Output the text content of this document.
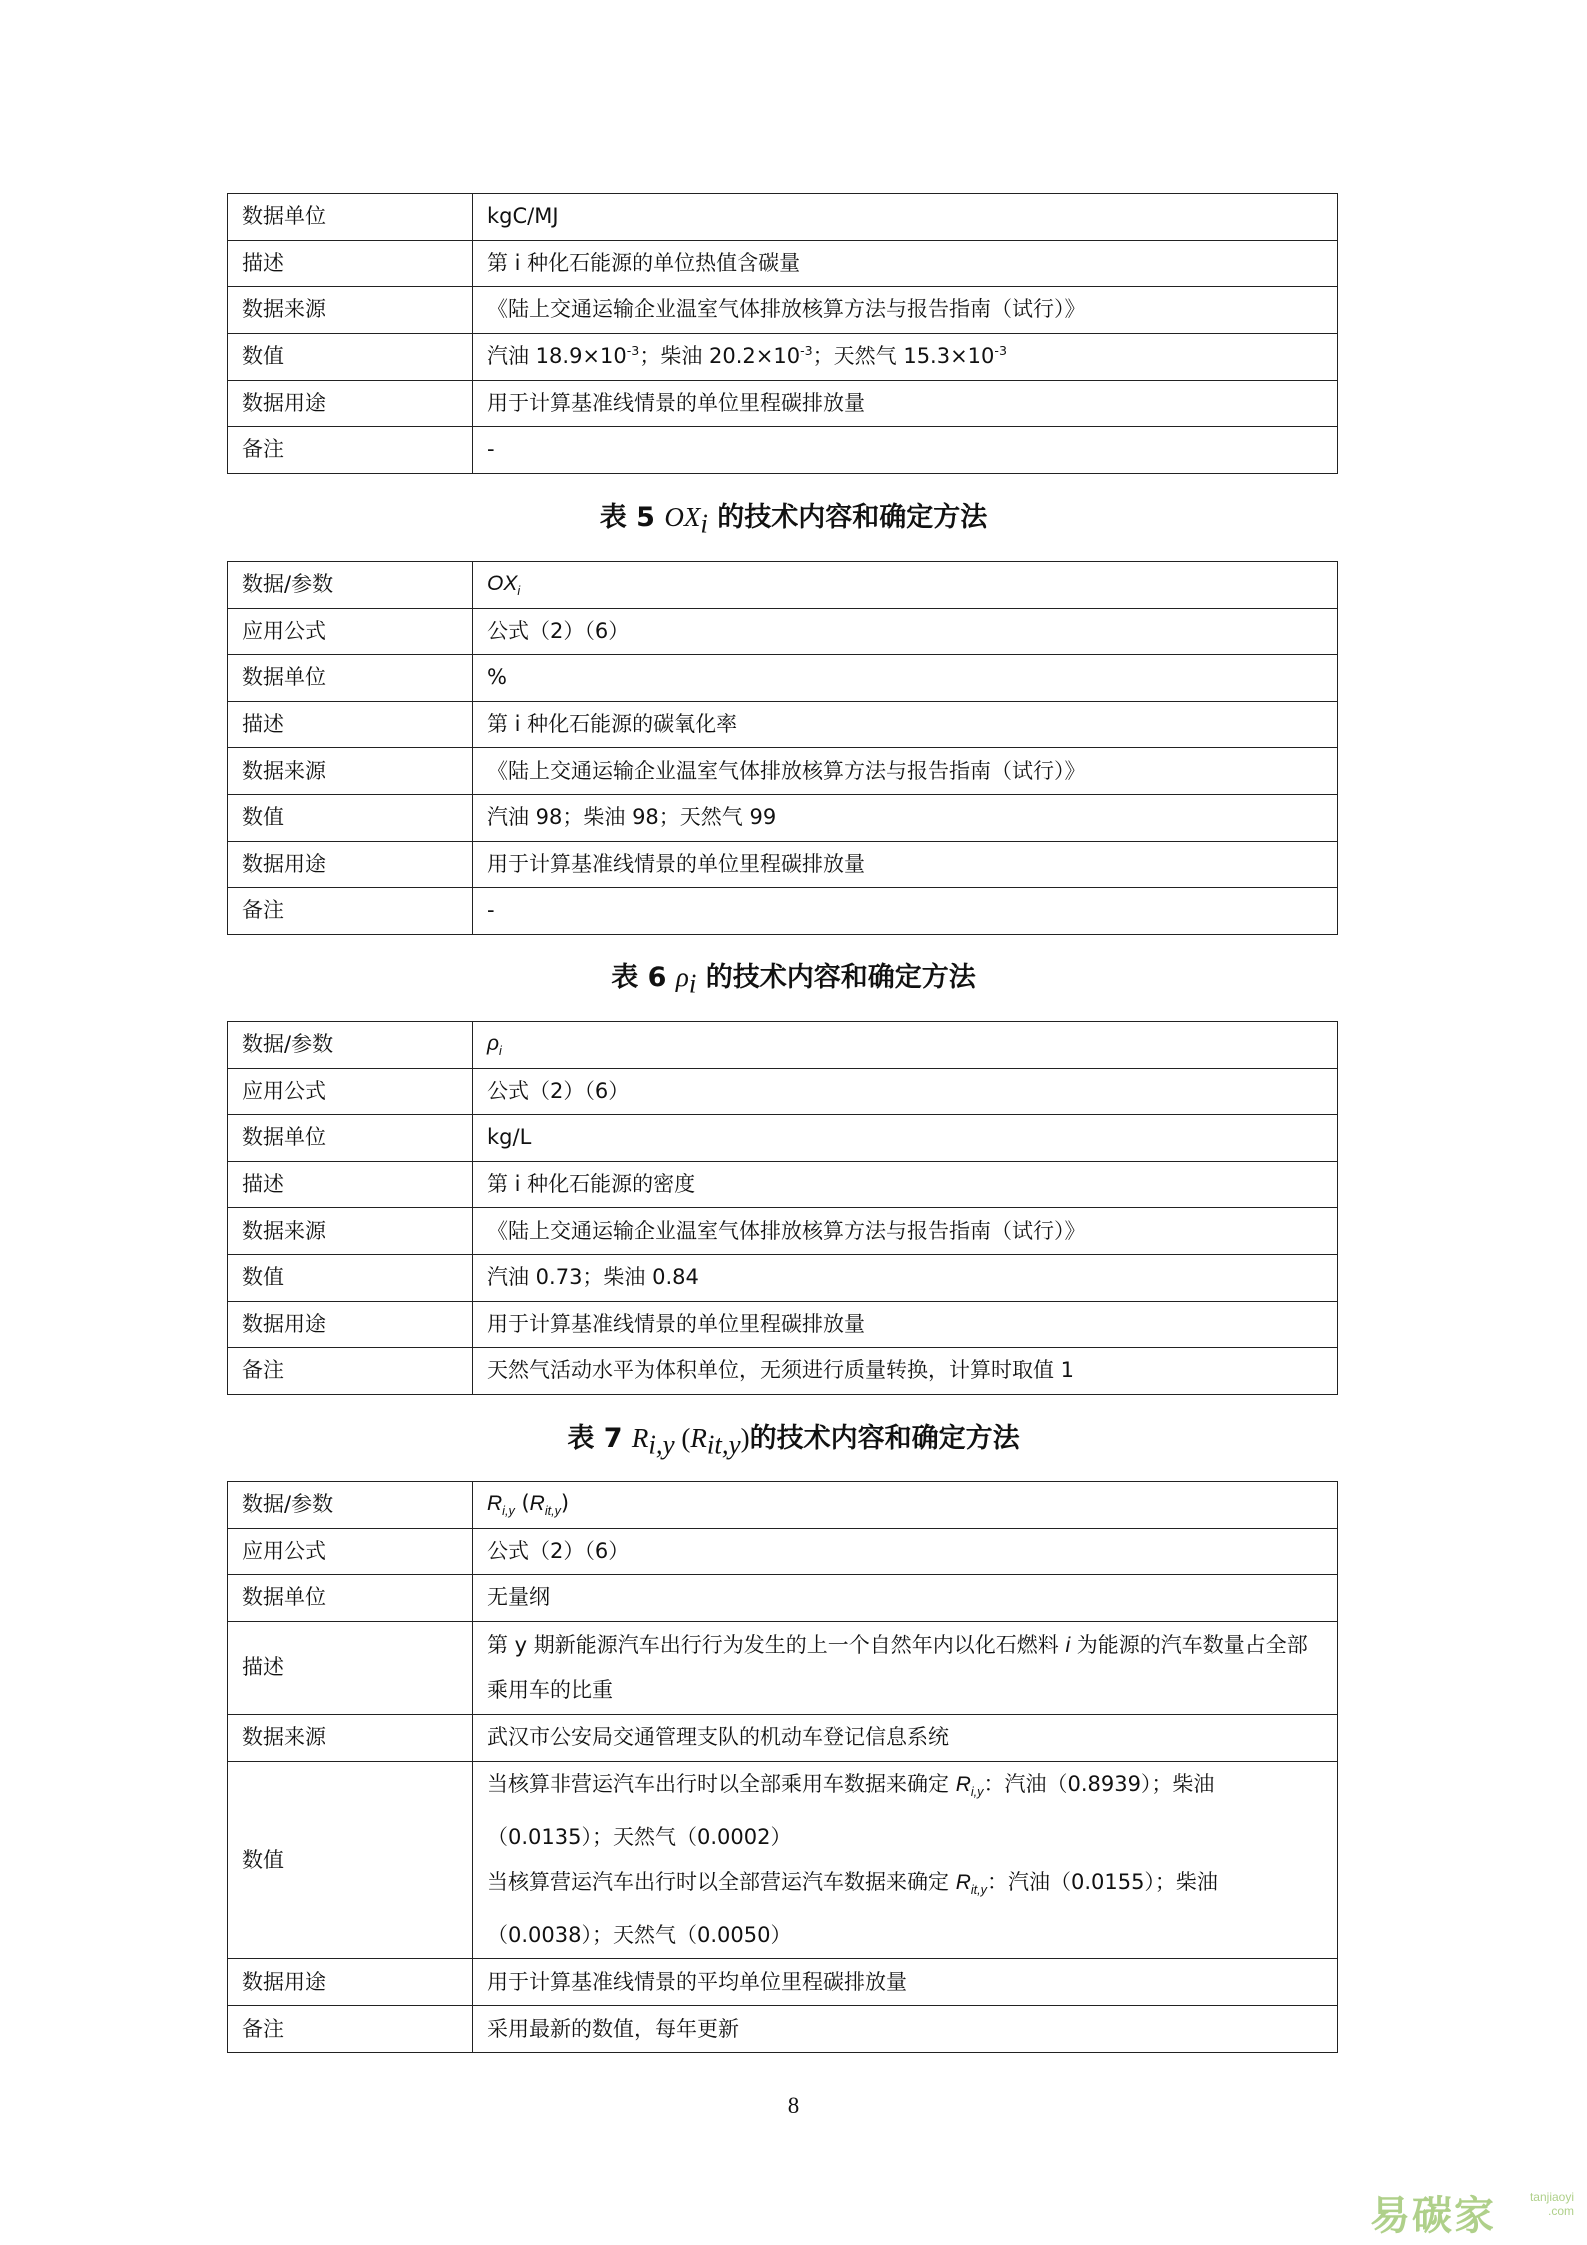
数据单位	kgC/MJ
描述	第 i 种化石能源的单位热值含碳量
数据来源	《陆上交通运输企业温室气体排放核算方法与报告指南（试行）》
数值	汽油 $18.9\times 10^{-3}$；柴油 $20.2\times 10^{-3}$；天然气 $15.3\times 10^{-3}$
数据用途	用于计算基准线情景的单位里程碳排放量
备注	-
表 5 $OX_i$ 的技术内容和确定方法
数据/参数	$OX_i$
应用公式	公式（2）（6）
数据单位	%
描述	第 i 种化石能源的碳氧化率
数据来源	《陆上交通运输企业温室气体排放核算方法与报告指南（试行）》
数值	汽油 98；柴油 98；天然气 99
数据用途	用于计算基准线情景的单位里程碳排放量
备注	-
表 6 $\rho_i$ 的技术内容和确定方法
数据/参数	$\rho_i$
应用公式	公式（2）（6）
数据单位	kg/L
描述	第 i 种化石能源的密度
数据来源	《陆上交通运输企业温室气体排放核算方法与报告指南（试行）》
数值	汽油 0.73；柴油 0.84
数据用途	用于计算基准线情景的单位里程碳排放量
备注	天然气活动水平为体积单位，无须进行质量转换，计算时取值 1
表 7 $R_{i,y}$ $(R_{it,y})$的技术内容和确定方法
数据/参数	$R_{i,y}$ $(R_{it,y})$
应用公式	公式（2）（6）
数据单位	无量纲
描述	第 y 期新能源汽车出行行为发生的上一个自然年内以化石燃料 i 为能源的汽车数量占全部乘用车的比重
数据来源	武汉市公安局交通管理支队的机动车登记信息系统
数值	当核算非营运汽车出行时以全部乘用车数据来确定 $R_{i,y}$：汽油（0.8939）；柴油（0.0135）；天然气（0.0002）
当核算营运汽车出行时以全部营运汽车数据来确定 $R_{it,y}$：汽油（0.0155）；柴油（0.0038）；天然气（0.0050）

数据用途	用于计算基准线情景的平均单位里程碳排放量
备注	采用最新的数值，每年更新
8
易碳家	tanjiaoyi
.com
